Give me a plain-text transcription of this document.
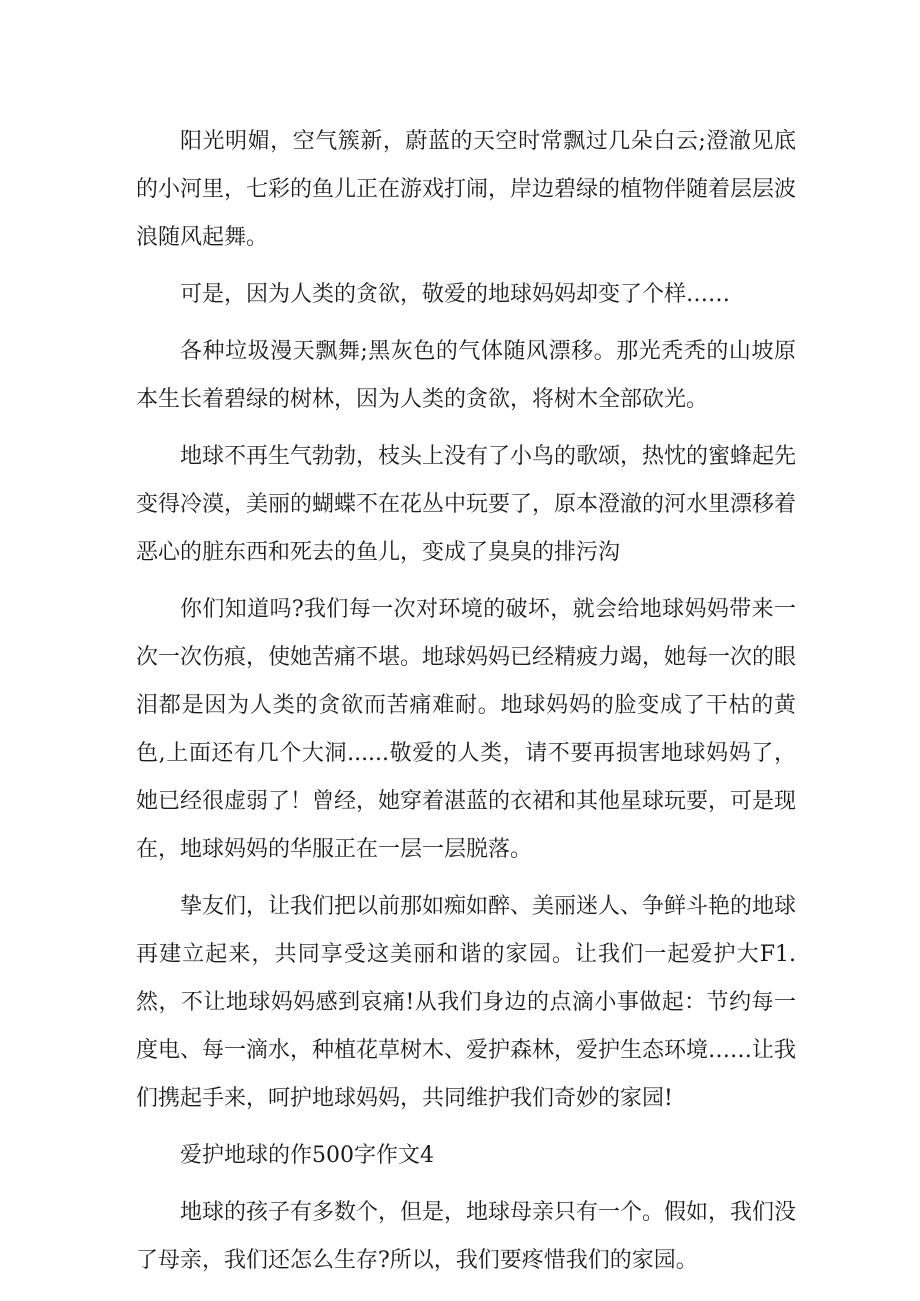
阳光明媚，空气簇新，蔚蓝的天空时常飘过几朵白云;澄澈见底的小河里，七彩的鱼儿正在游戏打闹，岸边碧绿的植物伴随着层层波浪随风起舞。

可是，因为人类的贪欲，敬爱的地球妈妈却变了个样……

各种垃圾漫天飘舞;黑灰色的气体随风漂移。那光秃秃的山坡原本生长着碧绿的树林，因为人类的贪欲，将树木全部砍光。

地球不再生气勃勃，枝头上没有了小鸟的歌颂，热忱的蜜蜂起先变得冷漠，美丽的蝴蝶不在花丛中玩要了，原本澄澈的河水里漂移着恶心的脏东西和死去的鱼儿，变成了臭臭的排污沟

你们知道吗?我们每一次对环境的破坏，就会给地球妈妈带来一次一次伤痕，使她苦痛不堪。地球妈妈已经精疲力竭，她每一次的眼泪都是因为人类的贪欲而苦痛难耐。地球妈妈的脸变成了干枯的黄色,上面还有几个大洞......敬爱的人类，请不要再损害地球妈妈了，她已经很虚弱了！曾经，她穿着湛蓝的衣裙和其他星球玩要，可是现在，地球妈妈的华服正在一层一层脱落。

挚友们，让我们把以前那如痴如醉、美丽迷人、争鲜斗艳的地球再建立起来，共同享受这美丽和谐的家园。让我们一起爱护大F1.然，不让地球妈妈感到哀痛!从我们身边的点滴小事做起：节约每一度电、每一滴水，种植花草树木、爱护森林，爱护生态环境……让我们携起手来，呵护地球妈妈，共同维护我们奇妙的家园!

爱护地球的作500字作文4

地球的孩子有多数个，但是，地球母亲只有一个。假如，我们没了母亲，我们还怎么生存?所以，我们要疼惜我们的家园。
